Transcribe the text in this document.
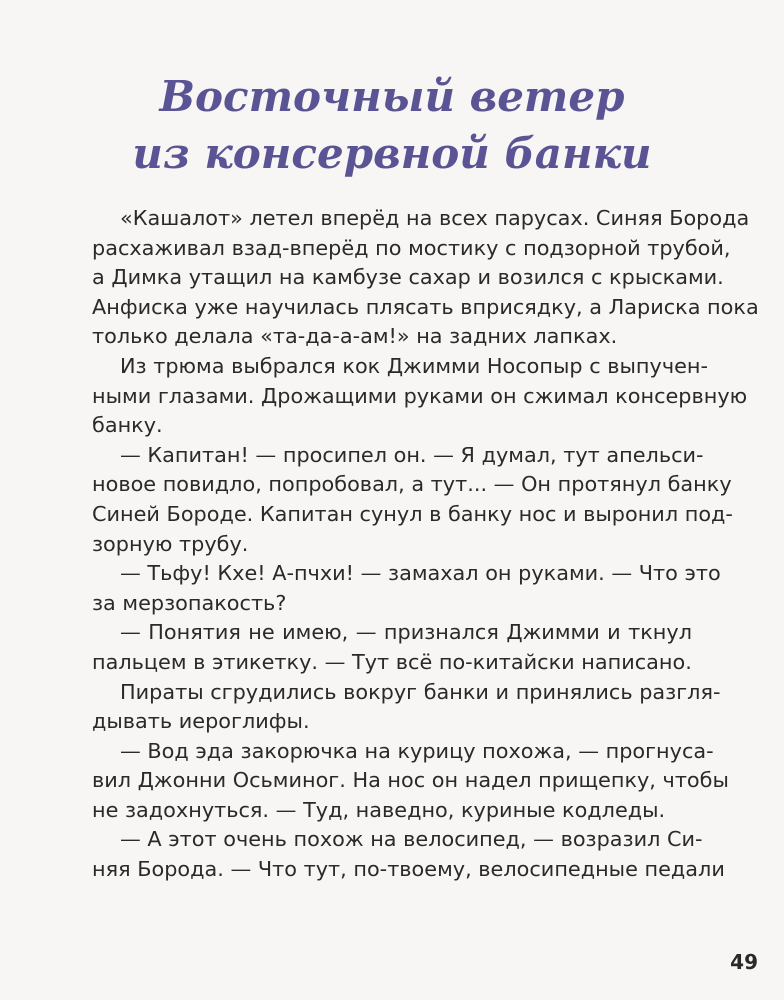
Восточный ветер
из консервной банки
«Кашалот» летел вперёд на всех парусах. Синяя Борода
расхаживал взад-вперёд по мостику с подзорной трубой,
а Димка утащил на камбузе сахар и возился с крысками.
Анфиска уже научилась плясать вприсядку, а Лариска пока
только делала «та-да-а-ам!» на задних лапках.
Из трюма выбрался кок Джимми Носопыр с выпучен-
ными глазами. Дрожащими руками он сжимал консервную
банку.
— Капитан! — просипел он. — Я думал, тут апельси-
новое повидло, попробовал, а тут... — Он протянул банку
Синей Бороде. Капитан сунул в банку нос и выронил под-
зорную трубу.
— Тьфу! Кхе! А-пчхи! — замахал он руками. — Что это
за мерзопакость?
— Понятия не имею, — признался Джимми и ткнул
пальцем в этикетку. — Тут всё по-китайски написано.
Пираты сгрудились вокруг банки и принялись разгля-
дывать иероглифы.
— Вод эда закорючка на курицу похожа, — прогнуса-
вил Джонни Осьминог. На нос он надел прищепку, чтобы
не задохнуться. — Туд, наведно, куриные кодледы.
— А этот очень похож на велосипед, — возразил Си-
няя Борода. — Что тут, по-твоему, велосипедные педали
49
